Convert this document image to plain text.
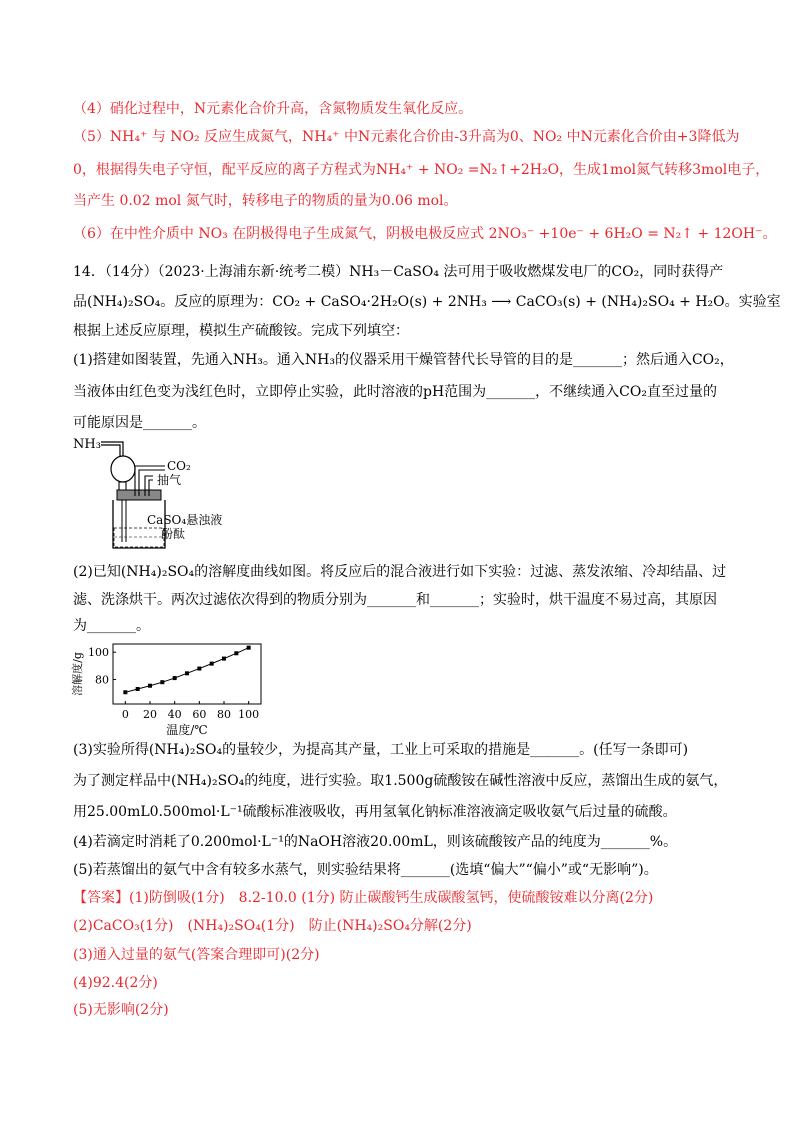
（4）硝化过程中，N元素化合价升高，含氮物质发生氧化反应。
（5）NH₄⁺ 与 NO₂ 反应生成氮气，NH₄⁺ 中N元素化合价由-3升高为0、NO₂ 中N元素化合价由+3降低为
0，根据得失电子守恒，配平反应的离子方程式为NH₄⁺ + NO₂ =N₂↑+2H₂O，生成1mol氮气转移3mol电子，
当产生 0.02 mol 氮气时，转移电子的物质的量为0.06 mol。
（6）在中性介质中 NO₃ 在阴极得电子生成氮气，阴极电极反应式 2NO₃⁻ +10e⁻ + 6H₂O = N₂↑ + 12OH⁻。
14．（14分）（2023·上海浦东新·统考二模）NH₃－CaSO₄ 法可用于吸收燃煤发电厂的CO₂，同时获得产
品(NH₄)₂SO₄。反应的原理为：CO₂ + CaSO₄·2H₂O(s) + 2NH₃ ⟶ CaCO₃(s) + (NH₄)₂SO₄ + H₂O。实验室
根据上述反应原理，模拟生产硫酸铵。完成下列填空：
(1)搭建如图装置，先通入NH₃。通入NH₃的仪器采用干燥管替代长导管的目的是_______；然后通入CO₂，
当液体由红色变为浅红色时，立即停止实验，此时溶液的pH范围为_______，不继续通入CO₂直至过量的
可能原因是_______。
NH₃
CO₂
抽气
CaSO₄悬浊液
酚酞
(2)已知(NH₄)₂SO₄的溶解度曲线如图。将反应后的混合液进行如下实验：过滤、蒸发浓缩、冷却结晶、过
滤、洗涤烘干。两次过滤依次得到的物质分别为_______和_______；实验时，烘干温度不易过高，其原因
为_______。
溶解度/g
温度/℃
0 20 40 60 80 100
80
100
(3)实验所得(NH₄)₂SO₄的量较少，为提高其产量，工业上可采取的措施是_______。(任写一条即可)
为了测定样品中(NH₄)₂SO₄的纯度，进行实验。取1.500g硫酸铵在碱性溶液中反应，蒸馏出生成的氨气，
用25.00mL0.500mol·L⁻¹硫酸标准液吸收，再用氢氧化钠标准溶液滴定吸收氨气后过量的硫酸。
(4)若滴定时消耗了0.200mol·L⁻¹的NaOH溶液20.00mL，则该硫酸铵产品的纯度为_______%。
(5)若蒸馏出的氨气中含有较多水蒸气，则实验结果将_______(选填“偏大”“偏小”或“无影响”)。
【答案】(1)防倒吸(1分)　8.2-10.0 (1分) 防止碳酸钙生成碳酸氢钙，使硫酸铵难以分离(2分)
(2)CaCO₃(1分)　(NH₄)₂SO₄(1分)　防止(NH₄)₂SO₄分解(2分)
(3)通入过量的氨气(答案合理即可)(2分)
(4)92.4(2分)
(5)无影响(2分)
